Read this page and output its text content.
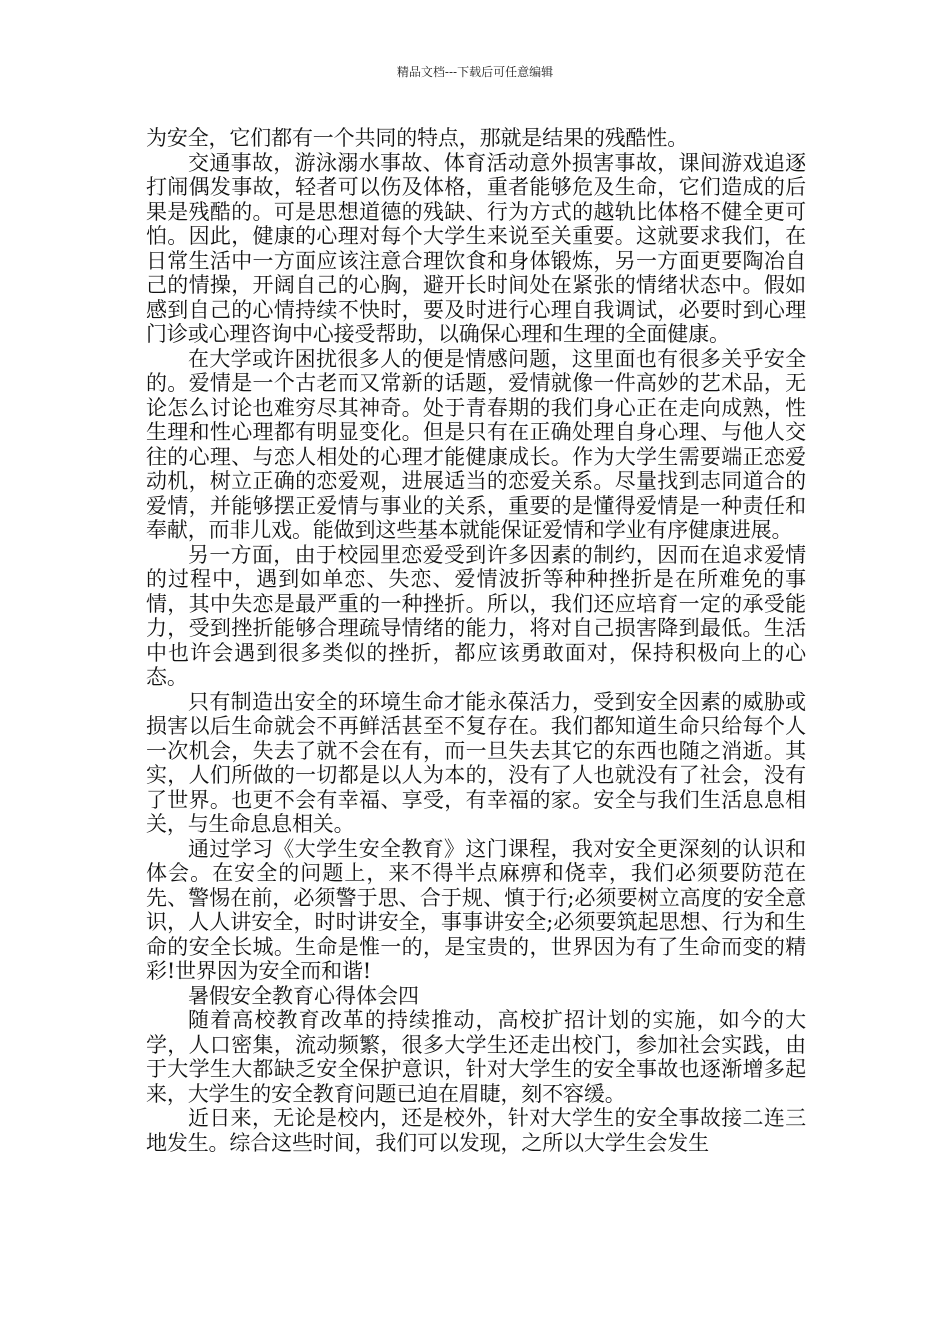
精品文档---下载后可任意编辑

为安全，它们都有一个共同的特点，那就是结果的残酷性。

交通事故，游泳溺水事故、体育活动意外损害事故，课间游戏追逐打闹偶发事故，轻者可以伤及体格，重者能够危及生命，它们造成的后果是残酷的。可是思想道德的残缺、行为方式的越轨比体格不健全更可怕。因此，健康的心理对每个大学生来说至关重要。这就要求我们，在日常生活中一方面应该注意合理饮食和身体锻炼，另一方面更要陶冶自己的情操，开阔自己的心胸，避开长时间处在紧张的情绪状态中。假如感到自己的心情持续不快时，要及时进行心理自我调试，必要时到心理门诊或心理咨询中心接受帮助，以确保心理和生理的全面健康。

在大学或许困扰很多人的便是情感问题，这里面也有很多关乎安全的。爱情是一个古老而又常新的话题，爱情就像一件高妙的艺术品，无论怎么讨论也难穷尽其神奇。处于青春期的我们身心正在走向成熟，性生理和性心理都有明显变化。但是只有在正确处理自身心理、与他人交往的心理、与恋人相处的心理才能健康成长。作为大学生需要端正恋爱动机，树立正确的恋爱观，进展适当的恋爱关系。尽量找到志同道合的爱情，并能够摆正爱情与事业的关系，重要的是懂得爱情是一种责任和奉献，而非儿戏。能做到这些基本就能保证爱情和学业有序健康进展。

另一方面，由于校园里恋爱受到许多因素的制约，因而在追求爱情的过程中，遇到如单恋、失恋、爱情波折等种种挫折是在所难免的事情，其中失恋是最严重的一种挫折。所以，我们还应培育一定的承受能力，受到挫折能够合理疏导情绪的能力，将对自己损害降到最低。生活中也许会遇到很多类似的挫折，都应该勇敢面对，保持积极向上的心态。

只有制造出安全的环境生命才能永葆活力，受到安全因素的威胁或损害以后生命就会不再鲜活甚至不复存在。我们都知道生命只给每个人一次机会，失去了就不会在有，而一旦失去其它的东西也随之消逝。其实，人们所做的一切都是以人为本的，没有了人也就没有了社会，没有了世界。也更不会有幸福、享受，有幸福的家。安全与我们生活息息相关，与生命息息相关。

通过学习《大学生安全教育》这门课程，我对安全更深刻的认识和体会。在安全的问题上，来不得半点麻痹和侥幸，我们必须要防范在先、警惕在前，必须警于思、合于规、慎于行;必须要树立高度的安全意识，人人讲安全，时时讲安全，事事讲安全;必须要筑起思想、行为和生命的安全长城。生命是惟一的，是宝贵的，世界因为有了生命而变的精彩!世界因为安全而和谐!

暑假安全教育心得体会四

随着高校教育改革的持续推动，高校扩招计划的实施，如今的大学，人口密集，流动频繁，很多大学生还走出校门，参加社会实践，由于大学生大都缺乏安全保护意识，针对大学生的安全事故也逐渐增多起来，大学生的安全教育问题已迫在眉睫，刻不容缓。

近日来，无论是校内，还是校外，针对大学生的安全事故接二连三地发生。综合这些时间，我们可以发现，之所以大学生会发生
